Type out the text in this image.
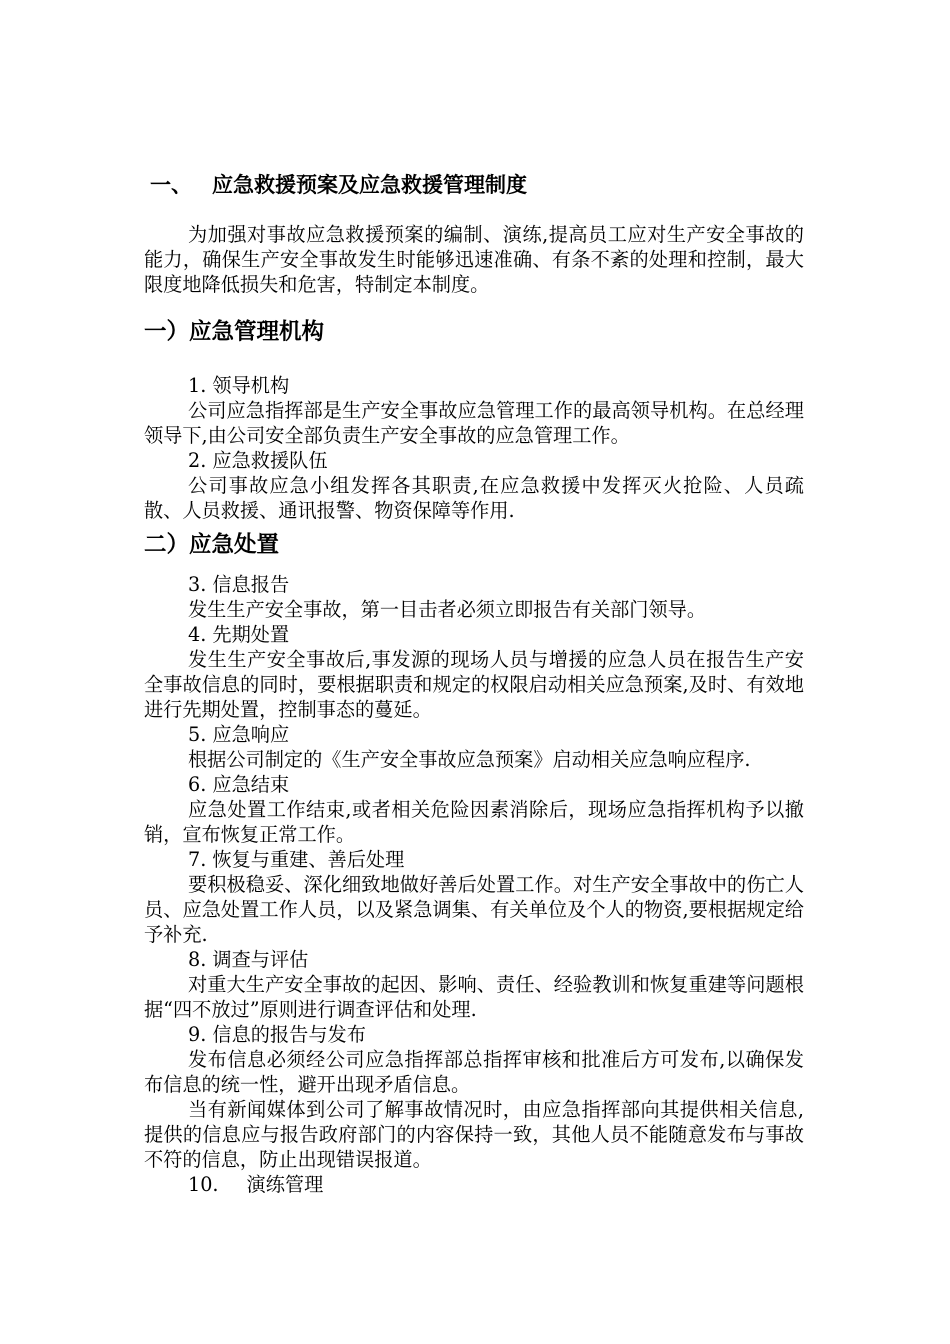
一、 应急救援预案及应急救援管理制度

为加强对事故应急救援预案的编制、演练,提高员工应对生产安全事故的能力，确保生产安全事故发生时能够迅速准确、有条不紊的处理和控制，最大限度地降低损失和危害，特制定本制度。

一）应急管理机构

1. 领导机构

公司应急指挥部是生产安全事故应急管理工作的最高领导机构。在总经理领导下,由公司安全部负责生产安全事故的应急管理工作。

2. 应急救援队伍

公司事故应急小组发挥各其职责,在应急救援中发挥灭火抢险、人员疏散、人员救援、通讯报警、物资保障等作用.

二）应急处置

3. 信息报告

发生生产安全事故，第一目击者必须立即报告有关部门领导。

4. 先期处置

发生生产安全事故后,事发源的现场人员与增援的应急人员在报告生产安全事故信息的同时，要根据职责和规定的权限启动相关应急预案,及时、有效地进行先期处置，控制事态的蔓延。

5. 应急响应

根据公司制定的《生产安全事故应急预案》启动相关应急响应程序.

6. 应急结束

应急处置工作结束,或者相关危险因素消除后，现场应急指挥机构予以撤销，宣布恢复正常工作。

7. 恢复与重建、善后处理

要积极稳妥、深化细致地做好善后处置工作。对生产安全事故中的伤亡人员、应急处置工作人员，以及紧急调集、有关单位及个人的物资,要根据规定给予补充.

8. 调查与评估

对重大生产安全事故的起因、影响、责任、经验教训和恢复重建等问题根据“四不放过”原则进行调查评估和处理.

9. 信息的报告与发布

发布信息必须经公司应急指挥部总指挥审核和批准后方可发布,以确保发布信息的统一性，避开出现矛盾信息。

当有新闻媒体到公司了解事故情况时，由应急指挥部向其提供相关信息,提供的信息应与报告政府部门的内容保持一致，其他人员不能随意发布与事故不符的信息，防止出现错误报道。

10. 演练管理
